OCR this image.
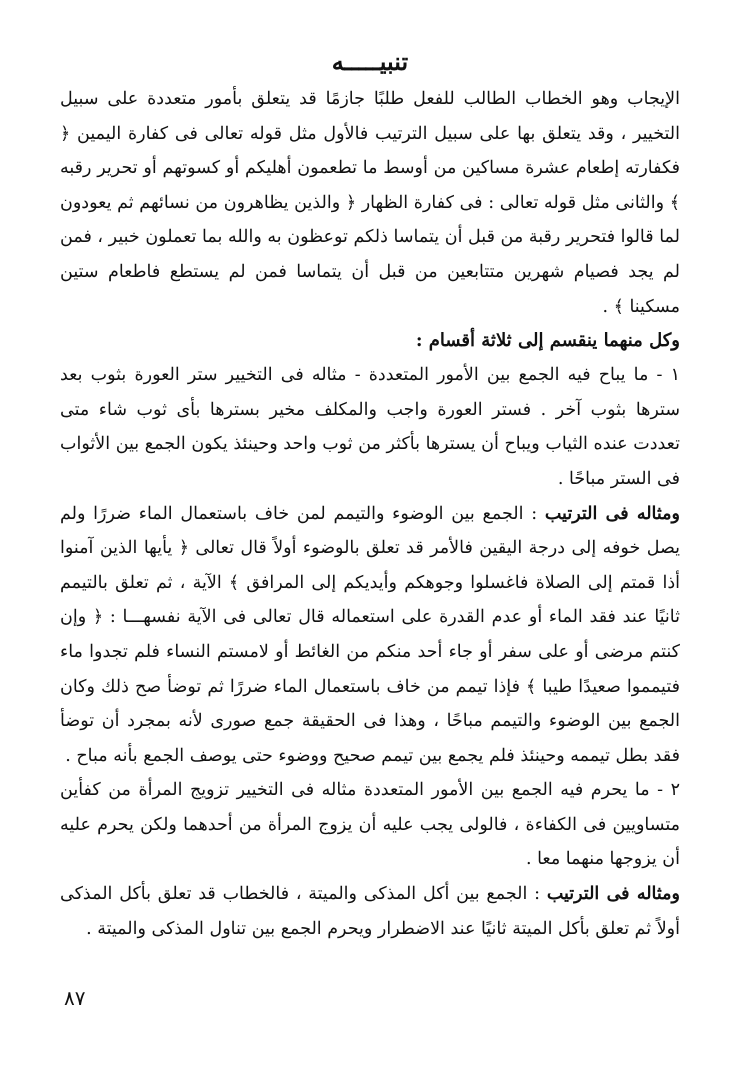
تنبيـــــه

الإيجاب وهو الخطاب الطالب للفعل طلبًا جازمًا قد يتعلق بأمور متعددة على سبيل التخيير ، وقد يتعلق بها على سبيل الترتيب فالأول مثل قوله تعالى فى كفارة اليمين ﴿ فكفارته إطعام عشرة مساكين من أوسط ما تطعمون أهليكم أو كسوتهم أو تحرير رقبه ﴾ والثانى مثل قوله تعالى : فى كفارة الظهار ﴿ والذين يظاهرون من نسائهم ثم يعودون لما قالوا فتحرير رقبة من قبل أن يتماسا ذلكم توعظون به والله بما تعملون خبير ، فمن لم يجد فصيام شهرين متتابعين من قبل أن يتماسا فمن لم يستطع فاطعام ستين مسكينا ﴾ .

وكل منهما ينقسم إلى ثلاثة أقسام :

١ - ما يباح فيه الجمع بين الأمور المتعددة - مثاله فى التخيير ستر العورة بثوب بعد سترها بثوب آخر . فستر العورة واجب والمكلف مخير بسترها بأى ثوب شاء متى تعددت عنده الثياب ويباح أن يسترها بأكثر من ثوب واحد وحينئذ يكون الجمع بين الأثواب فى الستر مباحًا .

ومثاله فى الترتيب : الجمع بين الوضوء والتيمم لمن خاف باستعمال الماء ضررًا ولم يصل خوفه إلى درجة اليقين فالأمر قد تعلق بالوضوء أولاً قال تعالى ﴿ يأيها الذين آمنوا أذا قمتم إلى الصلاة فاغسلوا وجوهكم وأيديكم إلى المرافق ﴾ الآية ، ثم تعلق بالتيمم ثانيًا عند فقد الماء أو عدم القدرة على استعماله قال تعالى فى الآية نفسهـــا : ﴿ وإن كنتم مرضى أو على سفر أو جاء أحد منكم من الغائط أو لامستم النساء فلم تجدوا ماء فتيمموا صعيدًا طيبا ﴾ فإذا تيمم من خاف باستعمال الماء ضررًا ثم توضأ صح ذلك وكان الجمع بين الوضوء والتيمم مباحًا ، وهذا فى الحقيقة جمع صورى لأنه بمجرد أن توضأ فقد بطل تيممه وحينئذ فلم يجمع بين تيمم صحيح ووضوء حتى يوصف الجمع بأنه مباح .

٢ - ما يحرم فيه الجمع بين الأمور المتعددة مثاله فى التخيير تزويج المرأة من كفأين متساويين فى الكفاءة ، فالولى يجب عليه أن يزوج المرأة من أحدهما ولكن يحرم عليه أن يزوجها منهما معا .

ومثاله فى الترتيب : الجمع بين أكل المذكى والميتة ، فالخطاب قد تعلق بأكل المذكى أولاً ثم تعلق بأكل الميتة ثانيًا عند الاضطرار ويحرم الجمع بين تناول المذكى والميتة .

٨٧
